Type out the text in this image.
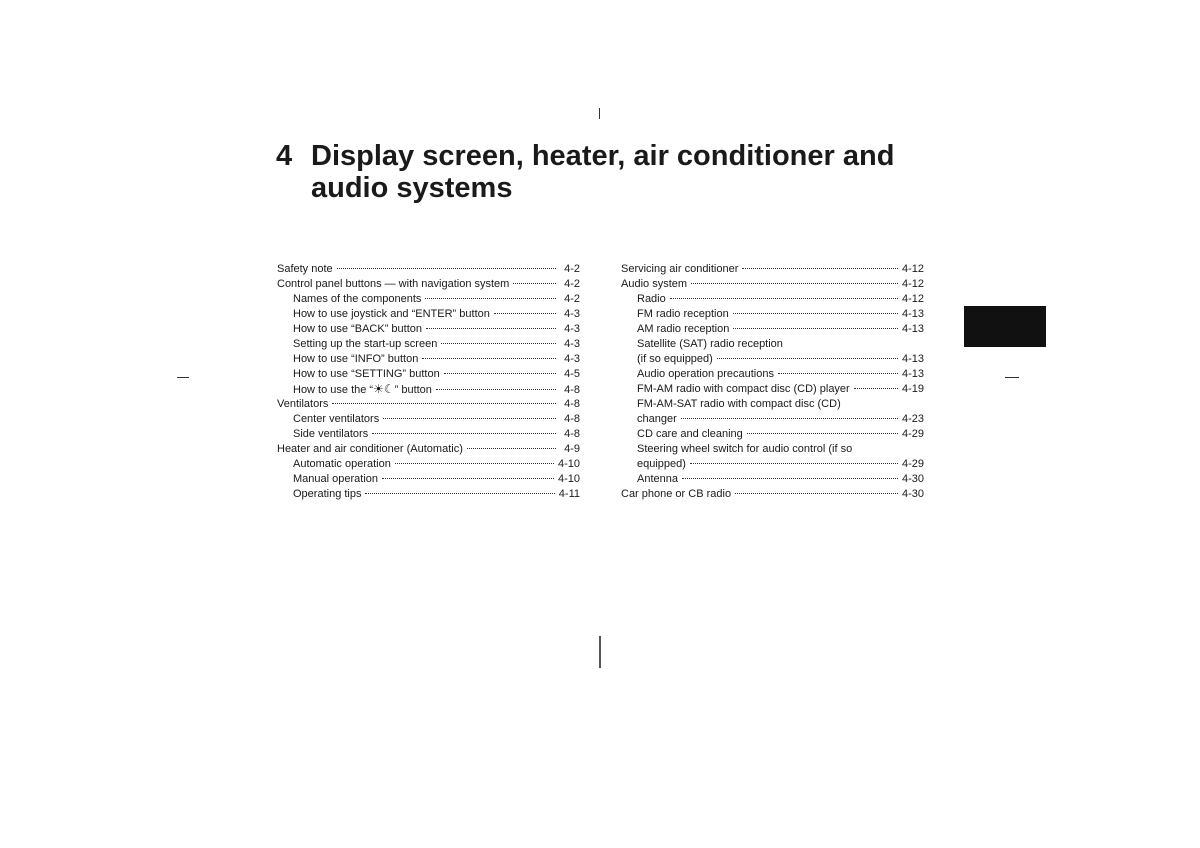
4 Display screen, heater, air conditioner and audio systems
Safety note	4-2
Control panel buttons — with navigation system	4-2
Names of the components	4-2
How to use joystick and “ENTER” button	4-3
How to use “BACK” button	4-3
Setting up the start-up screen	4-3
How to use “INFO” button	4-3
How to use “SETTING” button	4-5
How to use the “☀☾” button	4-8
Ventilators	4-8
Center ventilators	4-8
Side ventilators	4-8
Heater and air conditioner (Automatic)	4-9
Automatic operation	4-10
Manual operation	4-10
Operating tips	4-11
Servicing air conditioner	4-12
Audio system	4-12
Radio	4-12
FM radio reception	4-13
AM radio reception	4-13
Satellite (SAT) radio reception
(if so equipped)	4-13
Audio operation precautions	4-13
FM-AM radio with compact disc (CD) player	4-19
FM-AM-SAT radio with compact disc (CD)
changer	4-23
CD care and cleaning	4-29
Steering wheel switch for audio control (if so
equipped)	4-29
Antenna	4-30
Car phone or CB radio	4-30
